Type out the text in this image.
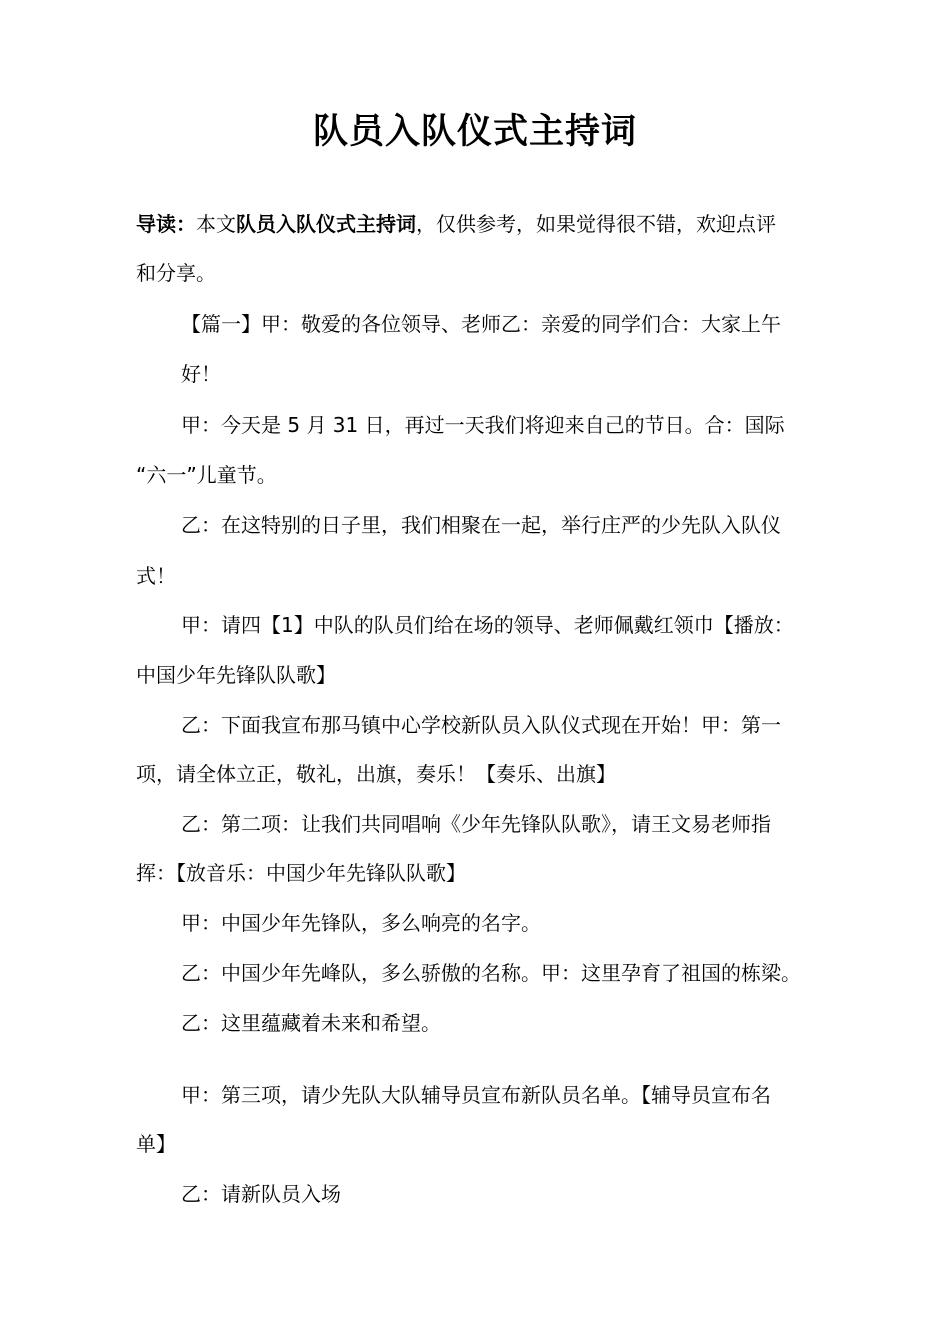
队员入队仪式主持词
导读：本文队员入队仪式主持词，仅供参考，如果觉得很不错，欢迎点评
和分享。
【篇一】甲：敬爱的各位领导、老师乙：亲爱的同学们合：大家上午
好！
甲：今天是 5 月 31 日，再过一天我们将迎来自己的节日。合：国际
“六一”儿童节。
乙：在这特别的日子里，我们相聚在一起，举行庄严的少先队入队仪
式！
甲：请四【1】中队的队员们给在场的领导、老师佩戴红领巾【播放：
中国少年先锋队队歌】
乙：下面我宣布那马镇中心学校新队员入队仪式现在开始！甲：第一
项，请全体立正，敬礼，出旗，奏乐！【奏乐、出旗】
乙：第二项：让我们共同唱响《少年先锋队队歌》，请王文易老师指
挥：【放音乐：中国少年先锋队队歌】
甲：中国少年先锋队，多么响亮的名字。
乙：中国少年先峰队，多么骄傲的名称。甲：这里孕育了祖国的栋梁。
乙：这里蕴藏着未来和希望。
甲：第三项，请少先队大队辅导员宣布新队员名单。【辅导员宣布名
单】
乙：请新队员入场
